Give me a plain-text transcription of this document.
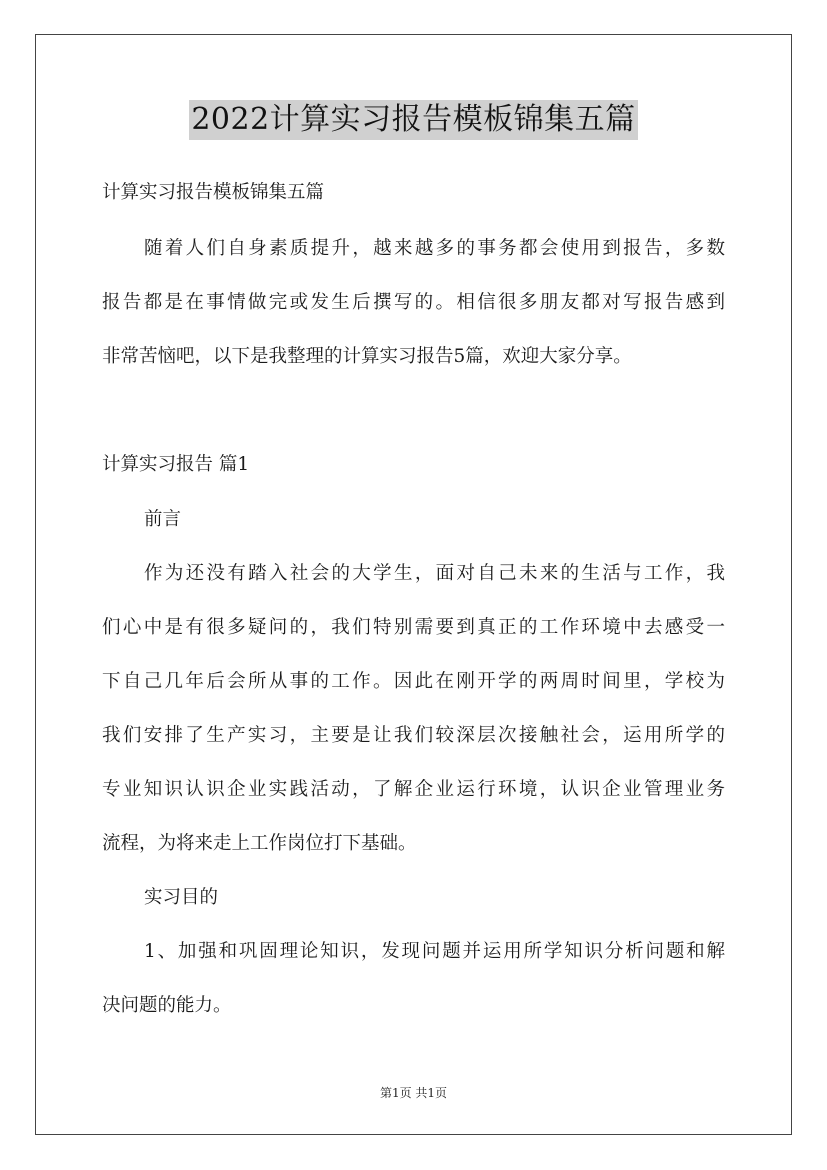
2022计算实习报告模板锦集五篇
计算实习报告模板锦集五篇
随着人们自身素质提升，越来越多的事务都会使用到报告，多数
报告都是在事情做完或发生后撰写的。相信很多朋友都对写报告感到
非常苦恼吧，以下是我整理的计算实习报告5篇，欢迎大家分享。
计算实习报告 篇1
前言
作为还没有踏入社会的大学生，面对自己未来的生活与工作，我
们心中是有很多疑问的，我们特别需要到真正的工作环境中去感受一
下自己几年后会所从事的工作。因此在刚开学的两周时间里，学校为
我们安排了生产实习，主要是让我们较深层次接触社会，运用所学的
专业知识认识企业实践活动，了解企业运行环境，认识企业管理业务
流程，为将来走上工作岗位打下基础。
实习目的
1、加强和巩固理论知识，发现问题并运用所学知识分析问题和解
决问题的能力。
第1页 共1页
